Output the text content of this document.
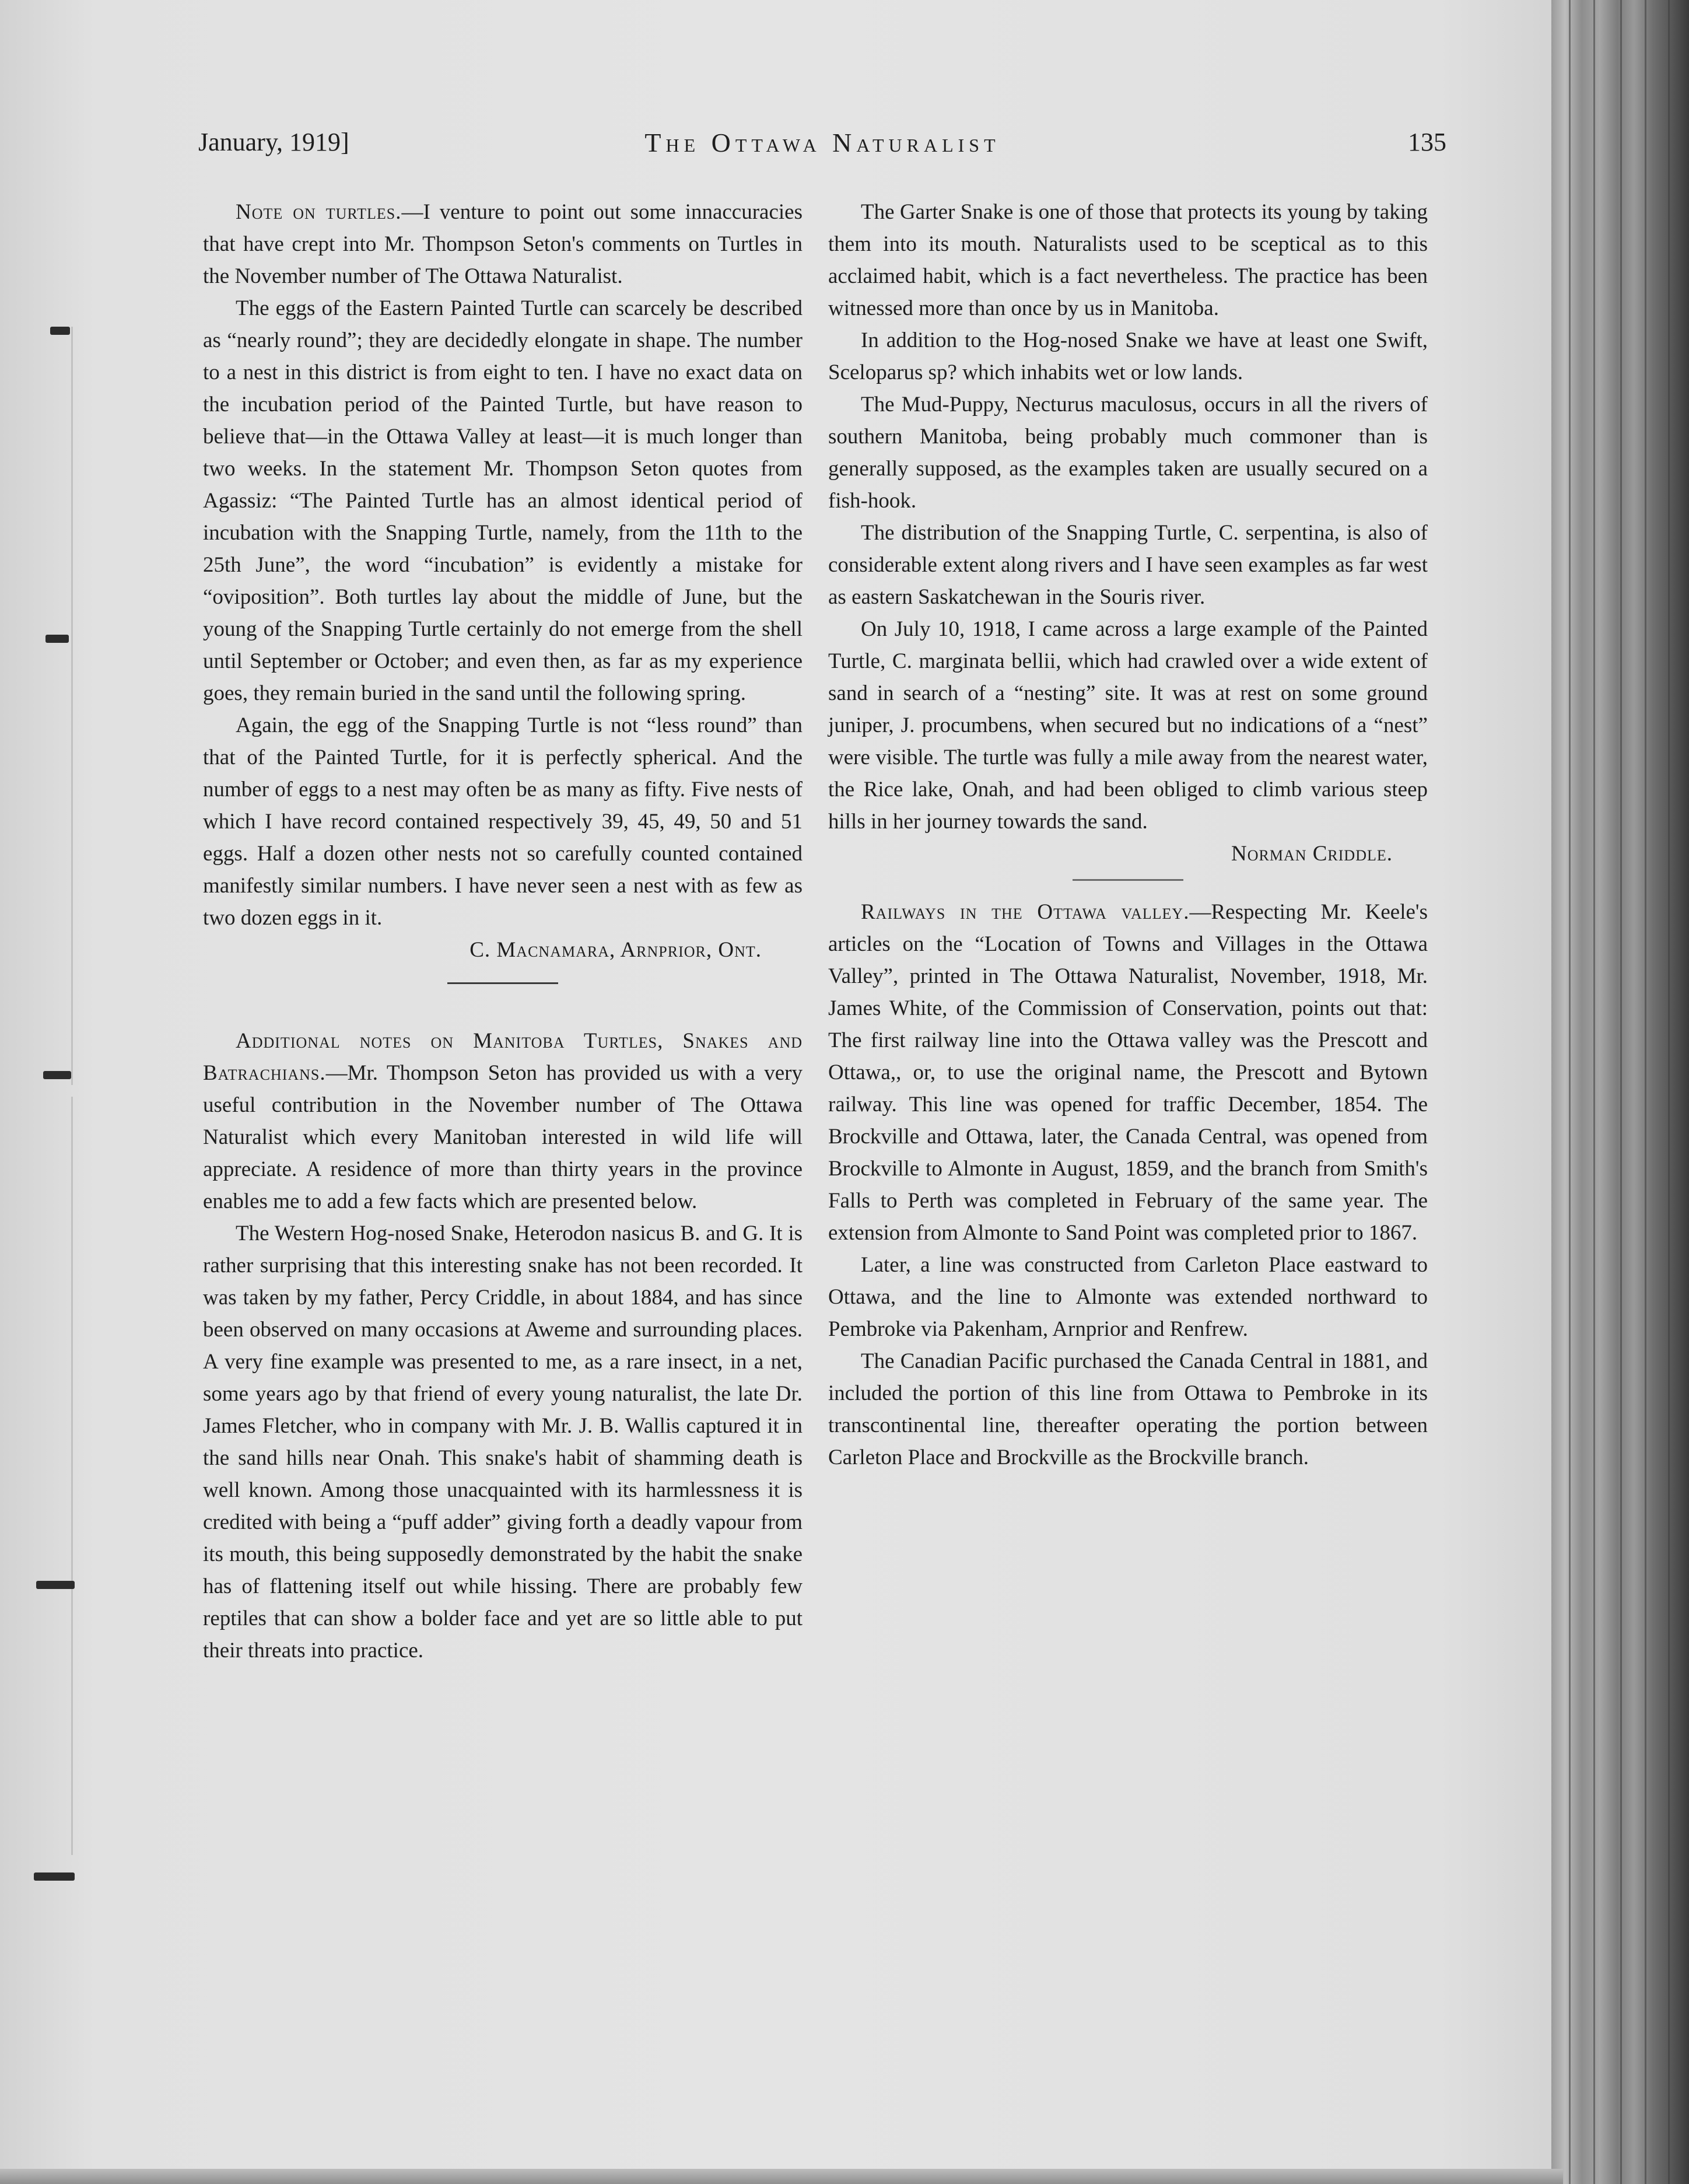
January, 1919]	The Ottawa Naturalist	135

Note on turtles.—I venture to point out some innaccuracies that have crept into Mr. Thompson Seton's comments on Turtles in the November number of The Ottawa Naturalist.

The eggs of the Eastern Painted Turtle can scarcely be described as “nearly round”; they are decidedly elongate in shape. The number to a nest in this district is from eight to ten. I have no exact data on the incubation period of the Painted Turtle, but have reason to believe that—in the Ottawa Valley at least—it is much longer than two weeks. In the statement Mr. Thompson Seton quotes from Agassiz: “The Painted Turtle has an almost identical period of incubation with the Snapping Turtle, namely, from the 11th to the 25th June”, the word “incubation” is evidently a mistake for “oviposition”. Both turtles lay about the middle of June, but the young of the Snapping Turtle certainly do not emerge from the shell until September or October; and even then, as far as my experience goes, they remain buried in the sand until the following spring.

Again, the egg of the Snapping Turtle is not “less round” than that of the Painted Turtle, for it is perfectly spherical. And the number of eggs to a nest may often be as many as fifty. Five nests of which I have record contained respectively 39, 45, 49, 50 and 51 eggs. Half a dozen other nests not so carefully counted contained manifestly similar numbers. I have never seen a nest with as few as two dozen eggs in it.

C. Macnamara, Arnprior, Ont.

Additional notes on Manitoba Turtles, Snakes and Batrachians.—Mr. Thompson Seton has provided us with a very useful contribution in the November number of The Ottawa Naturalist which every Manitoban interested in wild life will appreciate. A residence of more than thirty years in the province enables me to add a few facts which are presented below.

The Western Hog-nosed Snake, Heterodon nasicus B. and G. It is rather surprising that this interesting snake has not been recorded. It was taken by my father, Percy Criddle, in about 1884, and has since been observed on many occasions at Aweme and surrounding places. A very fine example was presented to me, as a rare insect, in a net, some years ago by that friend of every young naturalist, the late Dr. James Fletcher, who in company with Mr. J. B. Wallis captured it in the sand hills near Onah. This snake's habit of shamming death is well known. Among those unacquainted with its harmlessness it is credited with being a “puff adder” giving forth a deadly vapour from its mouth, this being supposedly demonstrated by the habit the snake has of flattening itself out while hissing. There are probably few reptiles that can show a bolder face and yet are so little able to put their threats into practice.

The Garter Snake is one of those that protects its young by taking them into its mouth. Naturalists used to be sceptical as to this acclaimed habit, which is a fact nevertheless. The practice has been witnessed more than once by us in Manitoba.

In addition to the Hog-nosed Snake we have at least one Swift, Sceloparus sp? which inhabits wet or low lands.

The Mud-Puppy, Necturus maculosus, occurs in all the rivers of southern Manitoba, being probably much commoner than is generally supposed, as the examples taken are usually secured on a fish-hook.

The distribution of the Snapping Turtle, C. serpentina, is also of considerable extent along rivers and I have seen examples as far west as eastern Saskatchewan in the Souris river.

On July 10, 1918, I came across a large example of the Painted Turtle, C. marginata bellii, which had crawled over a wide extent of sand in search of a “nesting” site. It was at rest on some ground juniper, J. procumbens, when secured but no indications of a “nest” were visible. The turtle was fully a mile away from the nearest water, the Rice lake, Onah, and had been obliged to climb various steep hills in her journey towards the sand.

Norman Criddle.

Railways in the Ottawa valley.—Respecting Mr. Keele's articles on the “Location of Towns and Villages in the Ottawa Valley”, printed in The Ottawa Naturalist, November, 1918, Mr. James White, of the Commission of Conservation, points out that: The first railway line into the Ottawa valley was the Prescott and Ottawa,, or, to use the original name, the Prescott and Bytown railway. This line was opened for traffic December, 1854. The Brockville and Ottawa, later, the Canada Central, was opened from Brockville to Almonte in August, 1859, and the branch from Smith's Falls to Perth was completed in February of the same year. The extension from Almonte to Sand Point was completed prior to 1867.

Later, a line was constructed from Carleton Place eastward to Ottawa, and the line to Almonte was extended northward to Pembroke via Pakenham, Arnprior and Renfrew.

The Canadian Pacific purchased the Canada Central in 1881, and included the portion of this line from Ottawa to Pembroke in its transcontinental line, thereafter operating the portion between Carleton Place and Brockville as the Brockville branch.
